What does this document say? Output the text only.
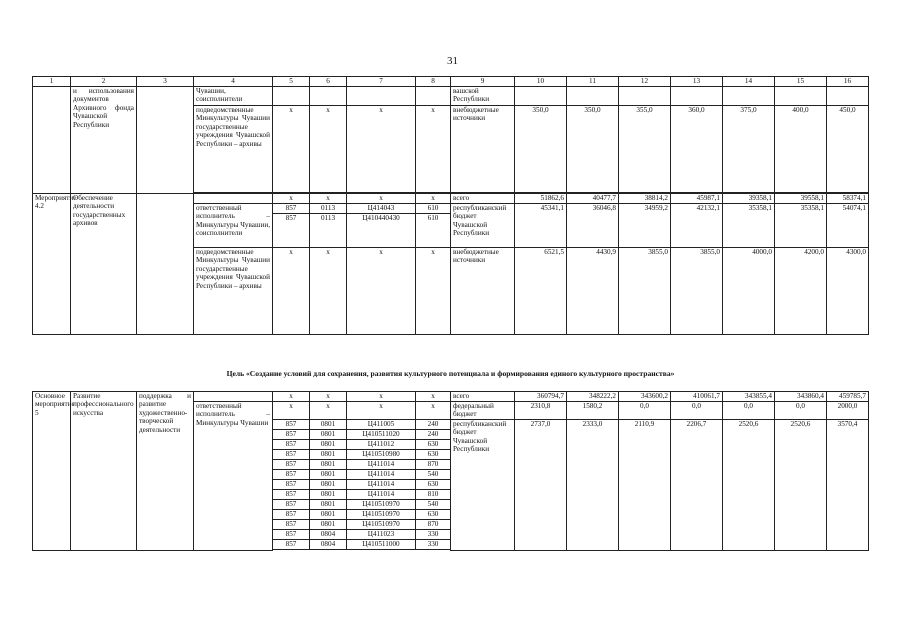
31
1	2	3	4	5	6	7	8	9	10	11	12	13	14	15	16
	и использования документов Архивного фонда Чувашской Республики		Чувашии, соисполнители					вашской Республики							
			подведомственные Минкультуры Чувашии государственные учреждения Чувашской Республики – архивы	х	х	х	х	внебюджетные источники	350,0	350,0	355,0	360,0	375,0	400,0	450,0

Мероприятие 4.2	Обеспечение деятельности государственных архивов			х	х	х	х	всего	51862,6	40477,7	38814,2	45987,1	39358,1	39558,1	58374,1
			ответственный исполнитель – Минкультуры Чувашии, соисполнители	857	0113	Ц414043	610	республиканский бюджет Чувашской Республики	45341,1	36046,8	34959,2	42132,1	35358,1	35358,1	54074,1
				857	0113	Ц410440430	610								
			подведомственные Минкультуры Чувашии государственные учреждения Чувашской Республики – архивы	х	х	х	х	внебюджетные источники	6521,5	4430,9	3855,0	3855,0	4000,0	4200,0	4300,0
Цель «Создание условий для сохранения, развития культурного потенциала и формирования единого культурного пространства»
Основное мероприятие 5	Развитие профессионального искусства	поддержка и развитие художественно-творческой деятельности		х	х	х	х	всего	360794,7	348222,2	343600,2	410061,7	343855,4	343860,4	459785,7
			ответственный исполнитель – Минкультуры Чувашии	х	х	х	х	федеральный бюджет	2310,8	1580,2	0,0	0,0	0,0	0,0	2000,0
				857	0801	Ц411005	240	республиканский бюджет Чувашской Республики	2737,0	2333,0	2110,9	2206,7	2520,6	2520,6	3570,4
				857	0801	Ц410511020	240								
				857	0801	Ц411012	630								
				857	0801	Ц410510980	630								
				857	0801	Ц411014	870								
				857	0801	Ц411014	540								
				857	0801	Ц411014	630								
				857	0801	Ц411014	810								
				857	0801	Ц410510970	540								
				857	0801	Ц410510970	630								
				857	0801	Ц410510970	870								
				857	0804	Ц411023	330								
				857	0804	Ц410511000	330								
